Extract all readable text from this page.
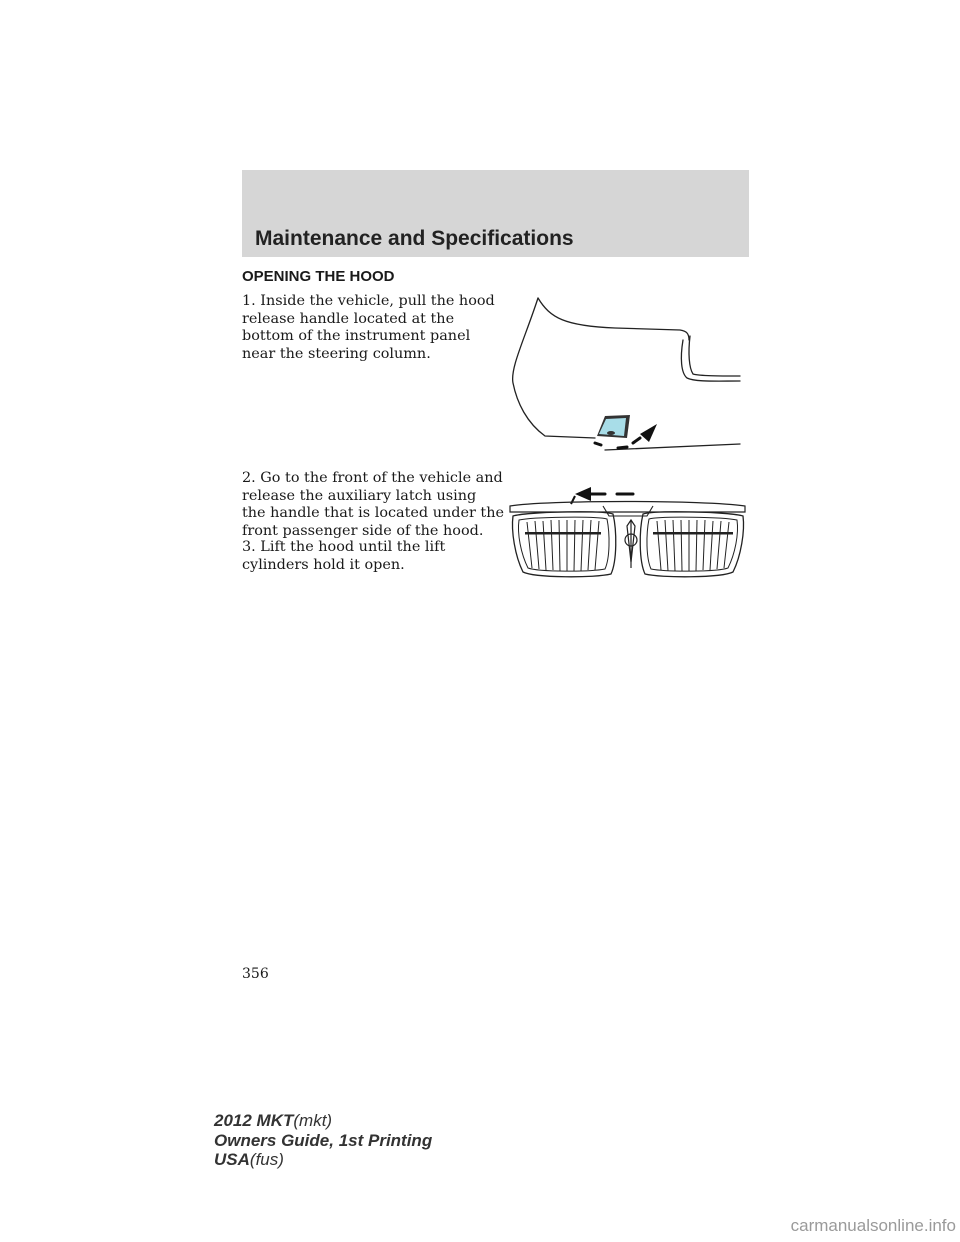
Maintenance and Specifications
OPENING THE HOOD

1. Inside the vehicle, pull the hood release handle located at the bottom of the instrument panel near the steering column.

2. Go to the front of the vehicle and release the auxiliary latch using the handle that is located under the front passenger side of the hood.

3. Lift the hood until the lift cylinders hold it open.

356
2012 MKT(mkt)
Owners Guide, 1st Printing
USA(fus)
carmanualsonline.info
